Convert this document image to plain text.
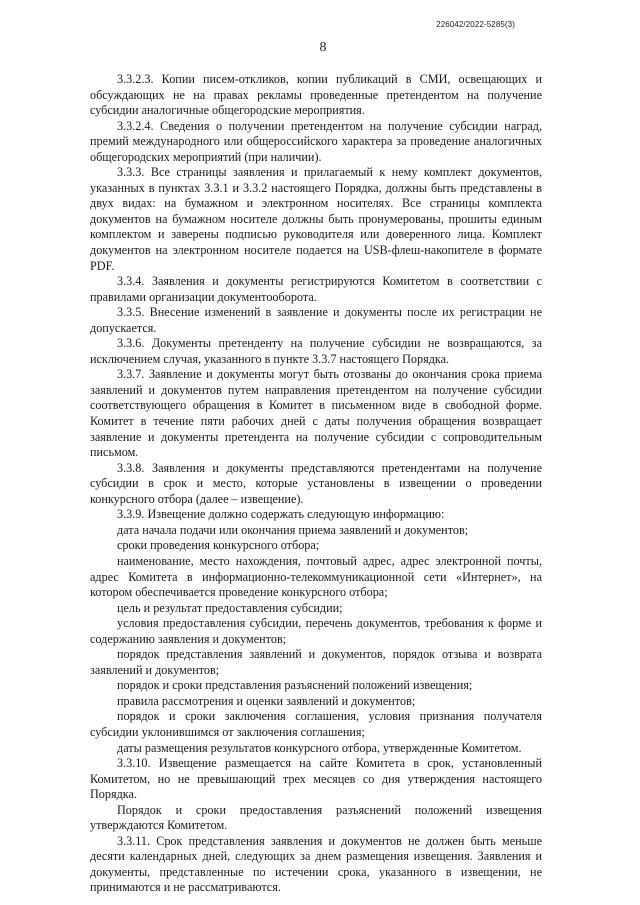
226042/2022-5285(3)
8

3.3.2.3. Копии писем-откликов, копии публикаций в СМИ, освещающих и обсуждающих не на правах рекламы проведенные претендентом на получение субсидии аналогичные общегородские мероприятия.

3.3.2.4. Сведения о получении претендентом на получение субсидии наград, премий международного или общероссийского характера за проведение аналогичных общегородских мероприятий (при наличии).

3.3.3. Все страницы заявления и прилагаемый к нему комплект документов, указанных в пунктах 3.3.1 и 3.3.2 настоящего Порядка, должны быть представлены в двух видах: на бумажном и электронном носителях. Все страницы комплекта документов на бумажном носителе должны быть пронумерованы, прошиты единым комплектом и заверены подписью руководителя или доверенного лица. Комплект документов на электронном носителе подается на USB-флеш-накопителе в формате PDF.

3.3.4. Заявления и документы регистрируются Комитетом в соответствии с правилами организации документооборота.

3.3.5. Внесение изменений в заявление и документы после их регистрации не допускается.

3.3.6. Документы претенденту на получение субсидии не возвращаются, за исключением случая, указанного в пункте 3.3.7 настоящего Порядка.

3.3.7. Заявление и документы могут быть отозваны до окончания срока приема заявлений и документов путем направления претендентом на получение субсидии соответствующего обращения в Комитет в письменном виде в свободной форме. Комитет в течение пяти рабочих дней с даты получения обращения возвращает заявление и документы претендента на получение субсидии с сопроводительным письмом.

3.3.8. Заявления и документы представляются претендентами на получение субсидии в срок и место, которые установлены в извещении о проведении конкурсного отбора (далее – извещение).

3.3.9. Извещение должно содержать следующую информацию:

дата начала подачи или окончания приема заявлений и документов;

сроки проведения конкурсного отбора;

наименование, место нахождения, почтовый адрес, адрес электронной почты, адрес Комитета в информационно-телекоммуникационной сети «Интернет», на котором обеспечивается проведение конкурсного отбора;

цель и результат предоставления субсидии;

условия предоставления субсидии, перечень документов, требования к форме и содержанию заявления и документов;

порядок представления заявлений и документов, порядок отзыва и возврата заявлений и документов;

порядок и сроки представления разъяснений положений извещения;

правила рассмотрения и оценки заявлений и документов;

порядок и сроки заключения соглашения, условия признания получателя субсидии уклонившимся от заключения соглашения;

даты размещения результатов конкурсного отбора, утвержденные Комитетом.

3.3.10. Извещение размещается на сайте Комитета в срок, установленный Комитетом, но не превышающий трех месяцев со дня утверждения настоящего Порядка.

Порядок и сроки предоставления разъяснений положений извещения утверждаются Комитетом.

3.3.11. Срок представления заявления и документов не должен быть меньше десяти календарных дней, следующих за днем размещения извещения. Заявления и документы, представленные по истечении срока, указанного в извещении, не принимаются и не рассматриваются.
